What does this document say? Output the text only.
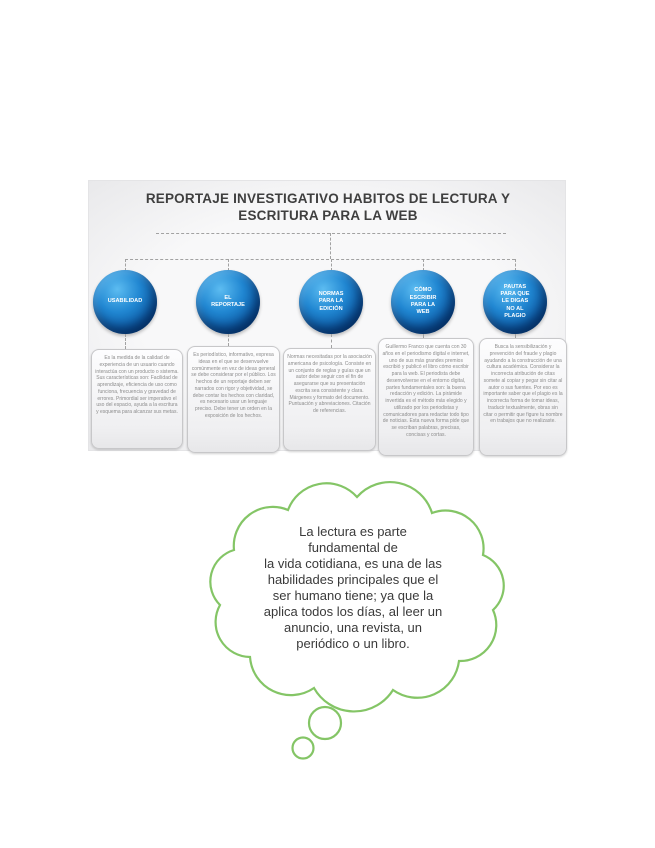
REPORTAJE INVESTIGATIVO HABITOS DE LECTURA Y ESCRITURA PARA LA WEB
USABILIDAD
EL
REPORTAJE
NORMAS
PARA LA
EDICIÓN
CÓMO
ESCRIBIR
PARA LA
WEB
PAUTAS
PARA QUE
LE DIGAS
NO AL
PLAGIO
Es la medida de la calidad de experiencia de un usuario cuando interactúa con un producto o sistema. Sus características son: Facilidad de aprendizaje, eficiencia de uso como funciona, frecuencia y gravedad de errores. Primordial ser imperativo el uso del espacio, ayuda a la escritura y esquema para alcanzar sus metas.
Es periodístico, informativo, expresa ideas en el que se desenvuelve comúnmente en vez de ideas general se debe considerar por el público. Los hechos de un reportaje deben ser narrados con rigor y objetividad, se debe contar los hechos con claridad, es necesario usar un lenguaje preciso. Debe tener un orden en la exposición de los hechos.
Normas necesitadas por la asociación americana de psicología. Consiste en un conjunto de reglas y guías que un autor debe seguir con el fin de asegurarse que su presentación escrita sea consistente y clara. Márgenes y formato del documento. Puntuación y abreviaciones. Citación de referencias.
Guillermo Franco que cuenta con 30 años en el periodismo digital e internet, uno de sus más grandes premios escribió y publicó el libro cómo escribir para la web. El periodista debe desenvolverse en el entorno digital, partes fundamentales son: la buena redacción y edición. La pirámide invertida es el método más elegido y utilizado por los periodistas y comunicadores para redactar todo tipo de noticias. Esta nueva forma pide que se escriban palabras, precisas, concisas y cortas.
Busca la sensibilización y prevención del fraude y plagio ayudando a la construcción de una cultura académica. Considerar la incorrecta atribución de citas somete al copiar y pegar sin citar al autor o sus fuentes. Por eso es importante saber que el plagio es la incorrecta forma de tomar ideas, traducir textualmente, obras sin citar o permitir que figure tu nombre en trabajos que no realizaste.
La lectura es parte
fundamental de
la vida cotidiana, es una de las
habilidades principales que el
ser humano tiene; ya que la
aplica todos los días, al leer un
anuncio, una revista, un
periódico o un libro.
